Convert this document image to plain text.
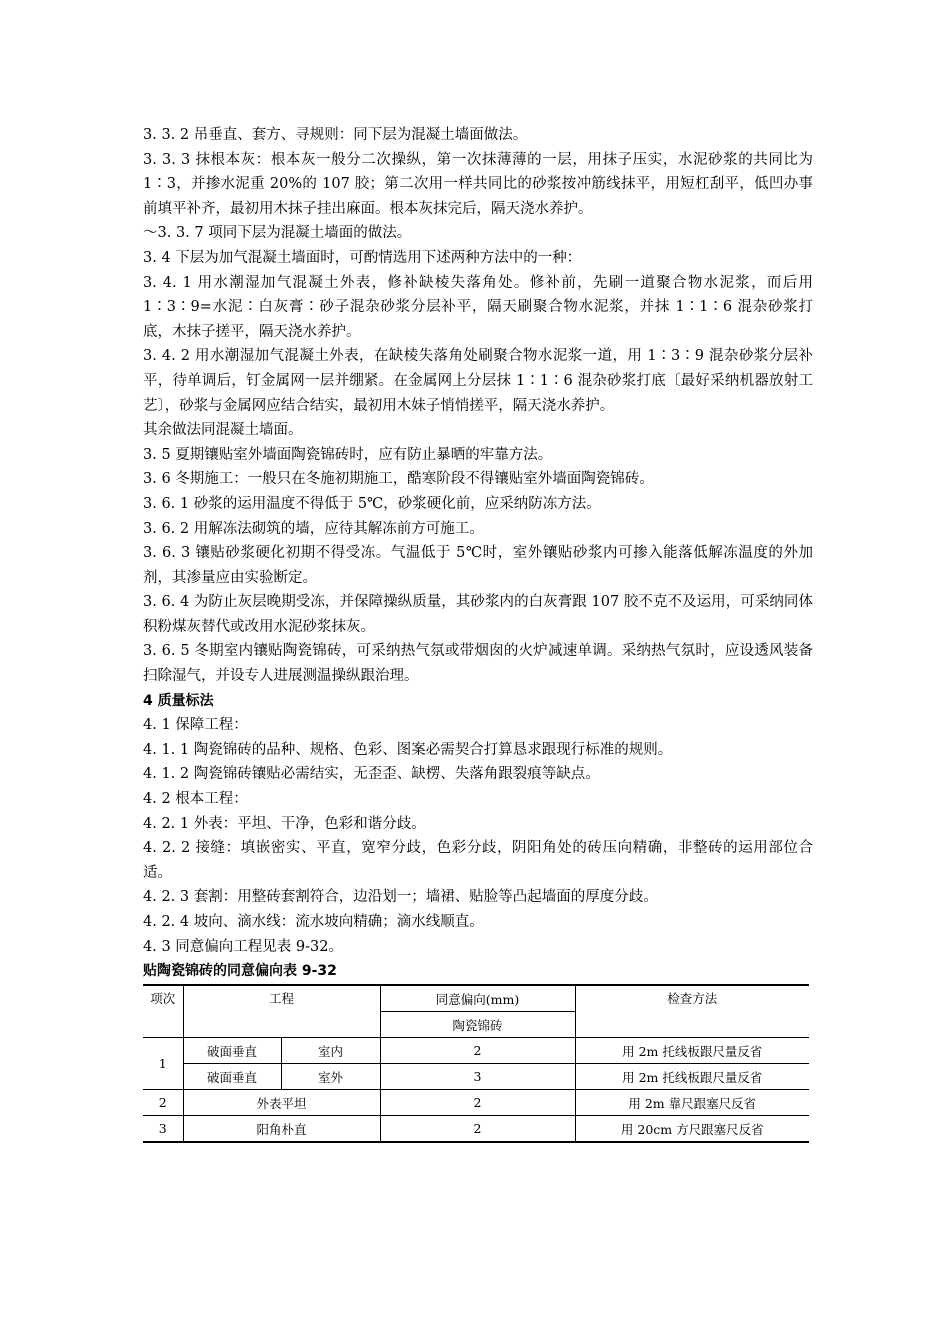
3. 3. 2 吊垂直、套方、寻规则：同下层为混凝土墙面做法。

3. 3. 3 抹根本灰：根本灰一般分二次操纵，第一次抹薄薄的一层，用抹子压实，水泥砂浆的共同比为 1∶3，并掺水泥重 20%的 107 胶；第二次用一样共同比的砂浆按冲筋线抹平，用短杠刮平，低凹办事前填平补齐，最初用木抹子挂出麻面。根本灰抹完后，隔天浇水养护。

～3. 3. 7 项同下层为混凝土墙面的做法。

3. 4 下层为加气混凝土墙面时，可酌情选用下述两种方法中的一种：

3. 4. 1 用水潮湿加气混凝土外表，修补缺棱失落角处。修补前，先刷一道聚合物水泥浆，而后用 1∶3∶9=水泥∶白灰膏∶砂子混杂砂浆分层补平，隔天刷聚合物水泥浆，并抹 1∶1∶6 混杂砂浆打底，木抹子搓平，隔天浇水养护。

3. 4. 2 用水潮湿加气混凝土外表，在缺棱失落角处刷聚合物水泥浆一道，用 1∶3∶9 混杂砂浆分层补平，待单调后，钉金属网一层并绷紧。在金属网上分层抹 1∶1∶6 混杂砂浆打底〔最好采纳机器放射工艺〕，砂浆与金属网应结合结实，最初用木妹子悄悄搓平，隔天浇水养护。

其余做法同混凝土墙面。

3. 5 夏期镶贴室外墙面陶瓷锦砖时，应有防止暴晒的牢靠方法。

3. 6 冬期施工：一般只在冬施初期施工，酷寒阶段不得镶贴室外墙面陶瓷锦砖。

3. 6. 1 砂浆的运用温度不得低于 5℃，砂浆硬化前，应采纳防冻方法。

3. 6. 2 用解冻法砌筑的墙，应待其解冻前方可施工。

3. 6. 3 镶贴砂浆硬化初期不得受冻。气温低于 5℃时，室外镶贴砂浆内可掺入能落低解冻温度的外加剂，其渗量应由实验断定。

3. 6. 4 为防止灰层晚期受冻，并保障操纵质量，其砂浆内的白灰膏跟 107 胶不克不及运用，可采纳同体积粉煤灰替代或改用水泥砂浆抹灰。

3. 6. 5 冬期室内镶贴陶瓷锦砖，可采纳热气氛或带烟囱的火炉减速单调。采纳热气氛时，应设透风装备扫除湿气，并设专人进展测温操纵跟治理。

4 质量标法

4. 1 保障工程：

4. 1. 1 陶瓷锦砖的品种、规格、色彩、图案必需契合打算恳求跟现行标准的规则。

4. 1. 2 陶瓷锦砖镶贴必需结实，无歪歪、缺楞、失落角跟裂痕等缺点。

4. 2 根本工程：

4. 2. 1 外表：平坦、干净，色彩和谐分歧。

4. 2. 2 接缝：填嵌密实、平直，宽窄分歧，色彩分歧，阴阳角处的砖压向精确，非整砖的运用部位合适。

4. 2. 3 套割：用整砖套割符合，边沿划一；墙裙、贴脸等凸起墙面的厚度分歧。

4. 2. 4 坡向、滴水线：流水坡向精确；滴水线顺直。

4. 3 同意偏向工程见表 9-32。

贴陶瓷锦砖的同意偏向表 9-32
项次	工程		同意偏向(mm)	检查方法
			陶瓷锦砖	
1	破面垂直	室内	2	用 2m 托线板跟尺量反省
	破面垂直	室外	3	用 2m 托线板跟尺量反省
2	外表平坦		2	用 2m 靠尺跟塞尺反省
3	阳角朴直		2	用 20cm 方尺跟塞尺反省
